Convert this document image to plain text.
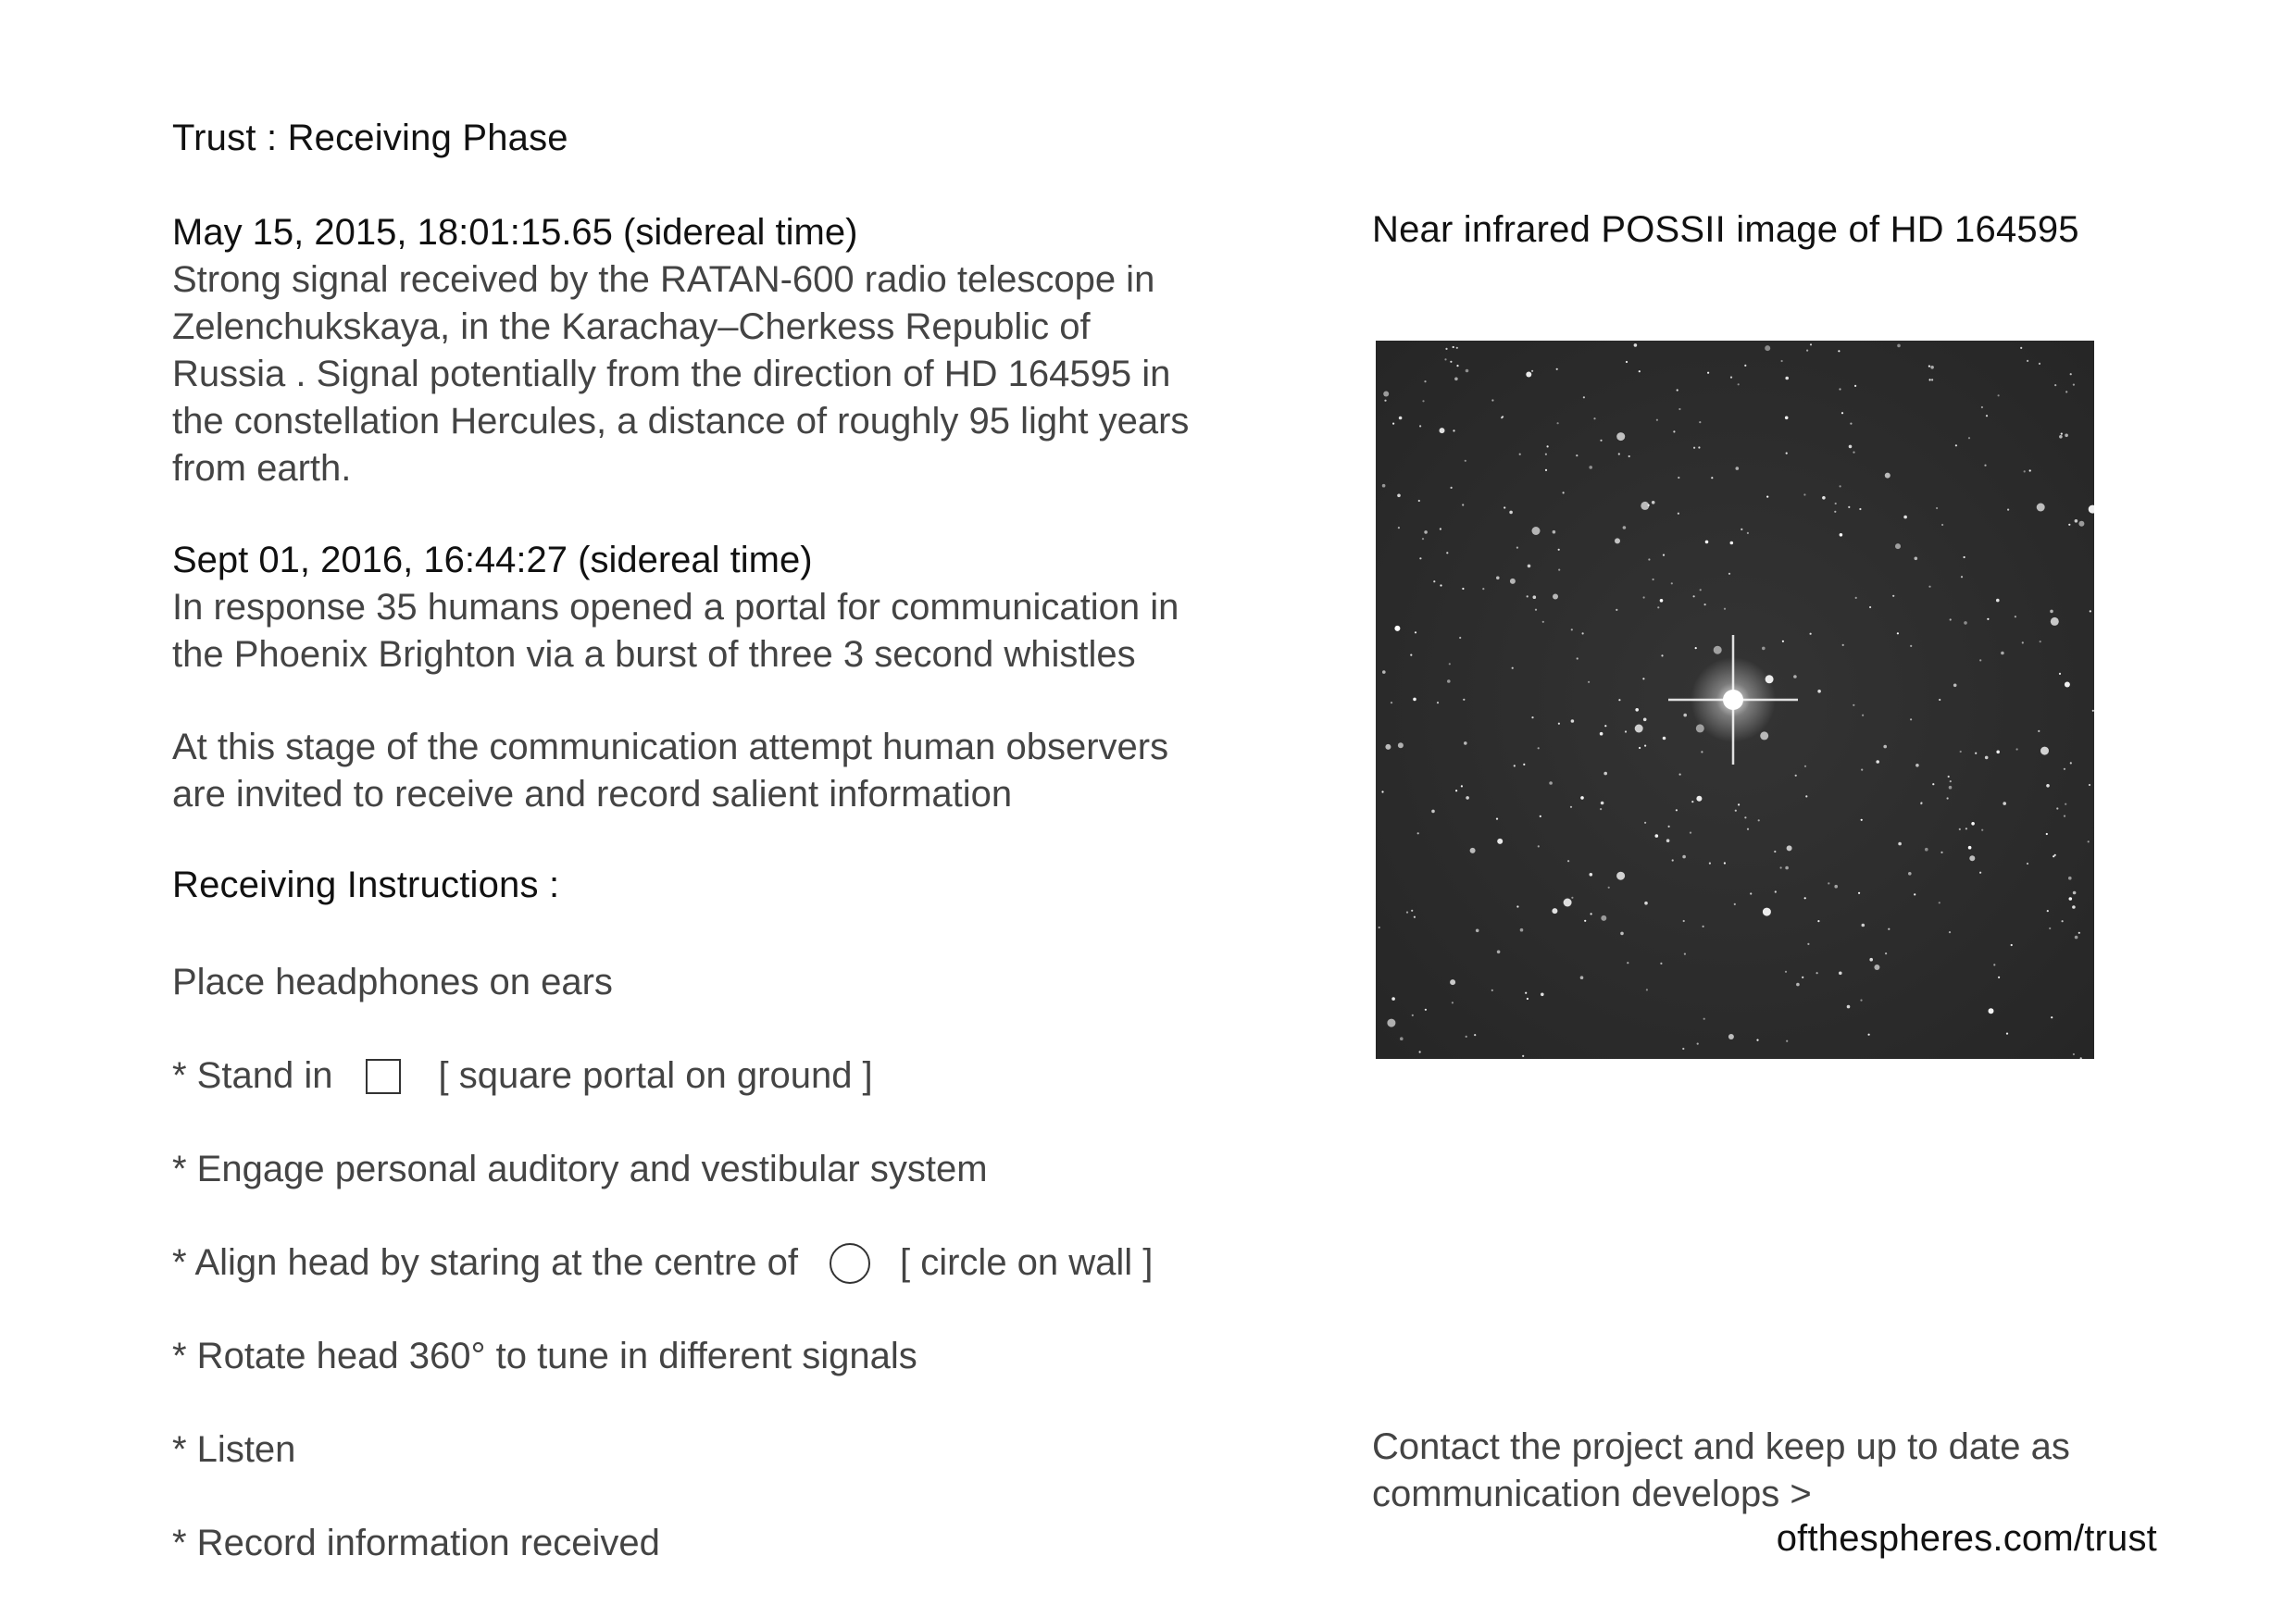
Trust : Receiving Phase
May 15, 2015, 18:01:15.65 (sidereal time)
Strong signal received by the RATAN-600 radio telescope in Zelenchukskaya, in the Karachay–Cherkess Republic of Russia . Signal potentially from the direction of HD 164595 in the constellation Hercules, a distance of roughly 95 light years from earth.
Sept 01, 2016, 16:44:27 (sidereal time)
In response 35 humans opened a portal for communication in the Phoenix Brighton via a burst of three 3 second whistles
At this stage of the communication attempt human observers are invited to receive and record salient information
Receiving Instructions :
Place headphones on ears
* Stand in	[ square portal on ground ]
* Engage personal auditory and vestibular system
* Align head by staring at the centre of	[ circle on wall ]
* Rotate head 360° to tune in different signals
* Listen
* Record information received
Near infrared POSSII image of HD 164595
Contact the project and keep up to date as communication develops >
ofthespheres.com/trust
